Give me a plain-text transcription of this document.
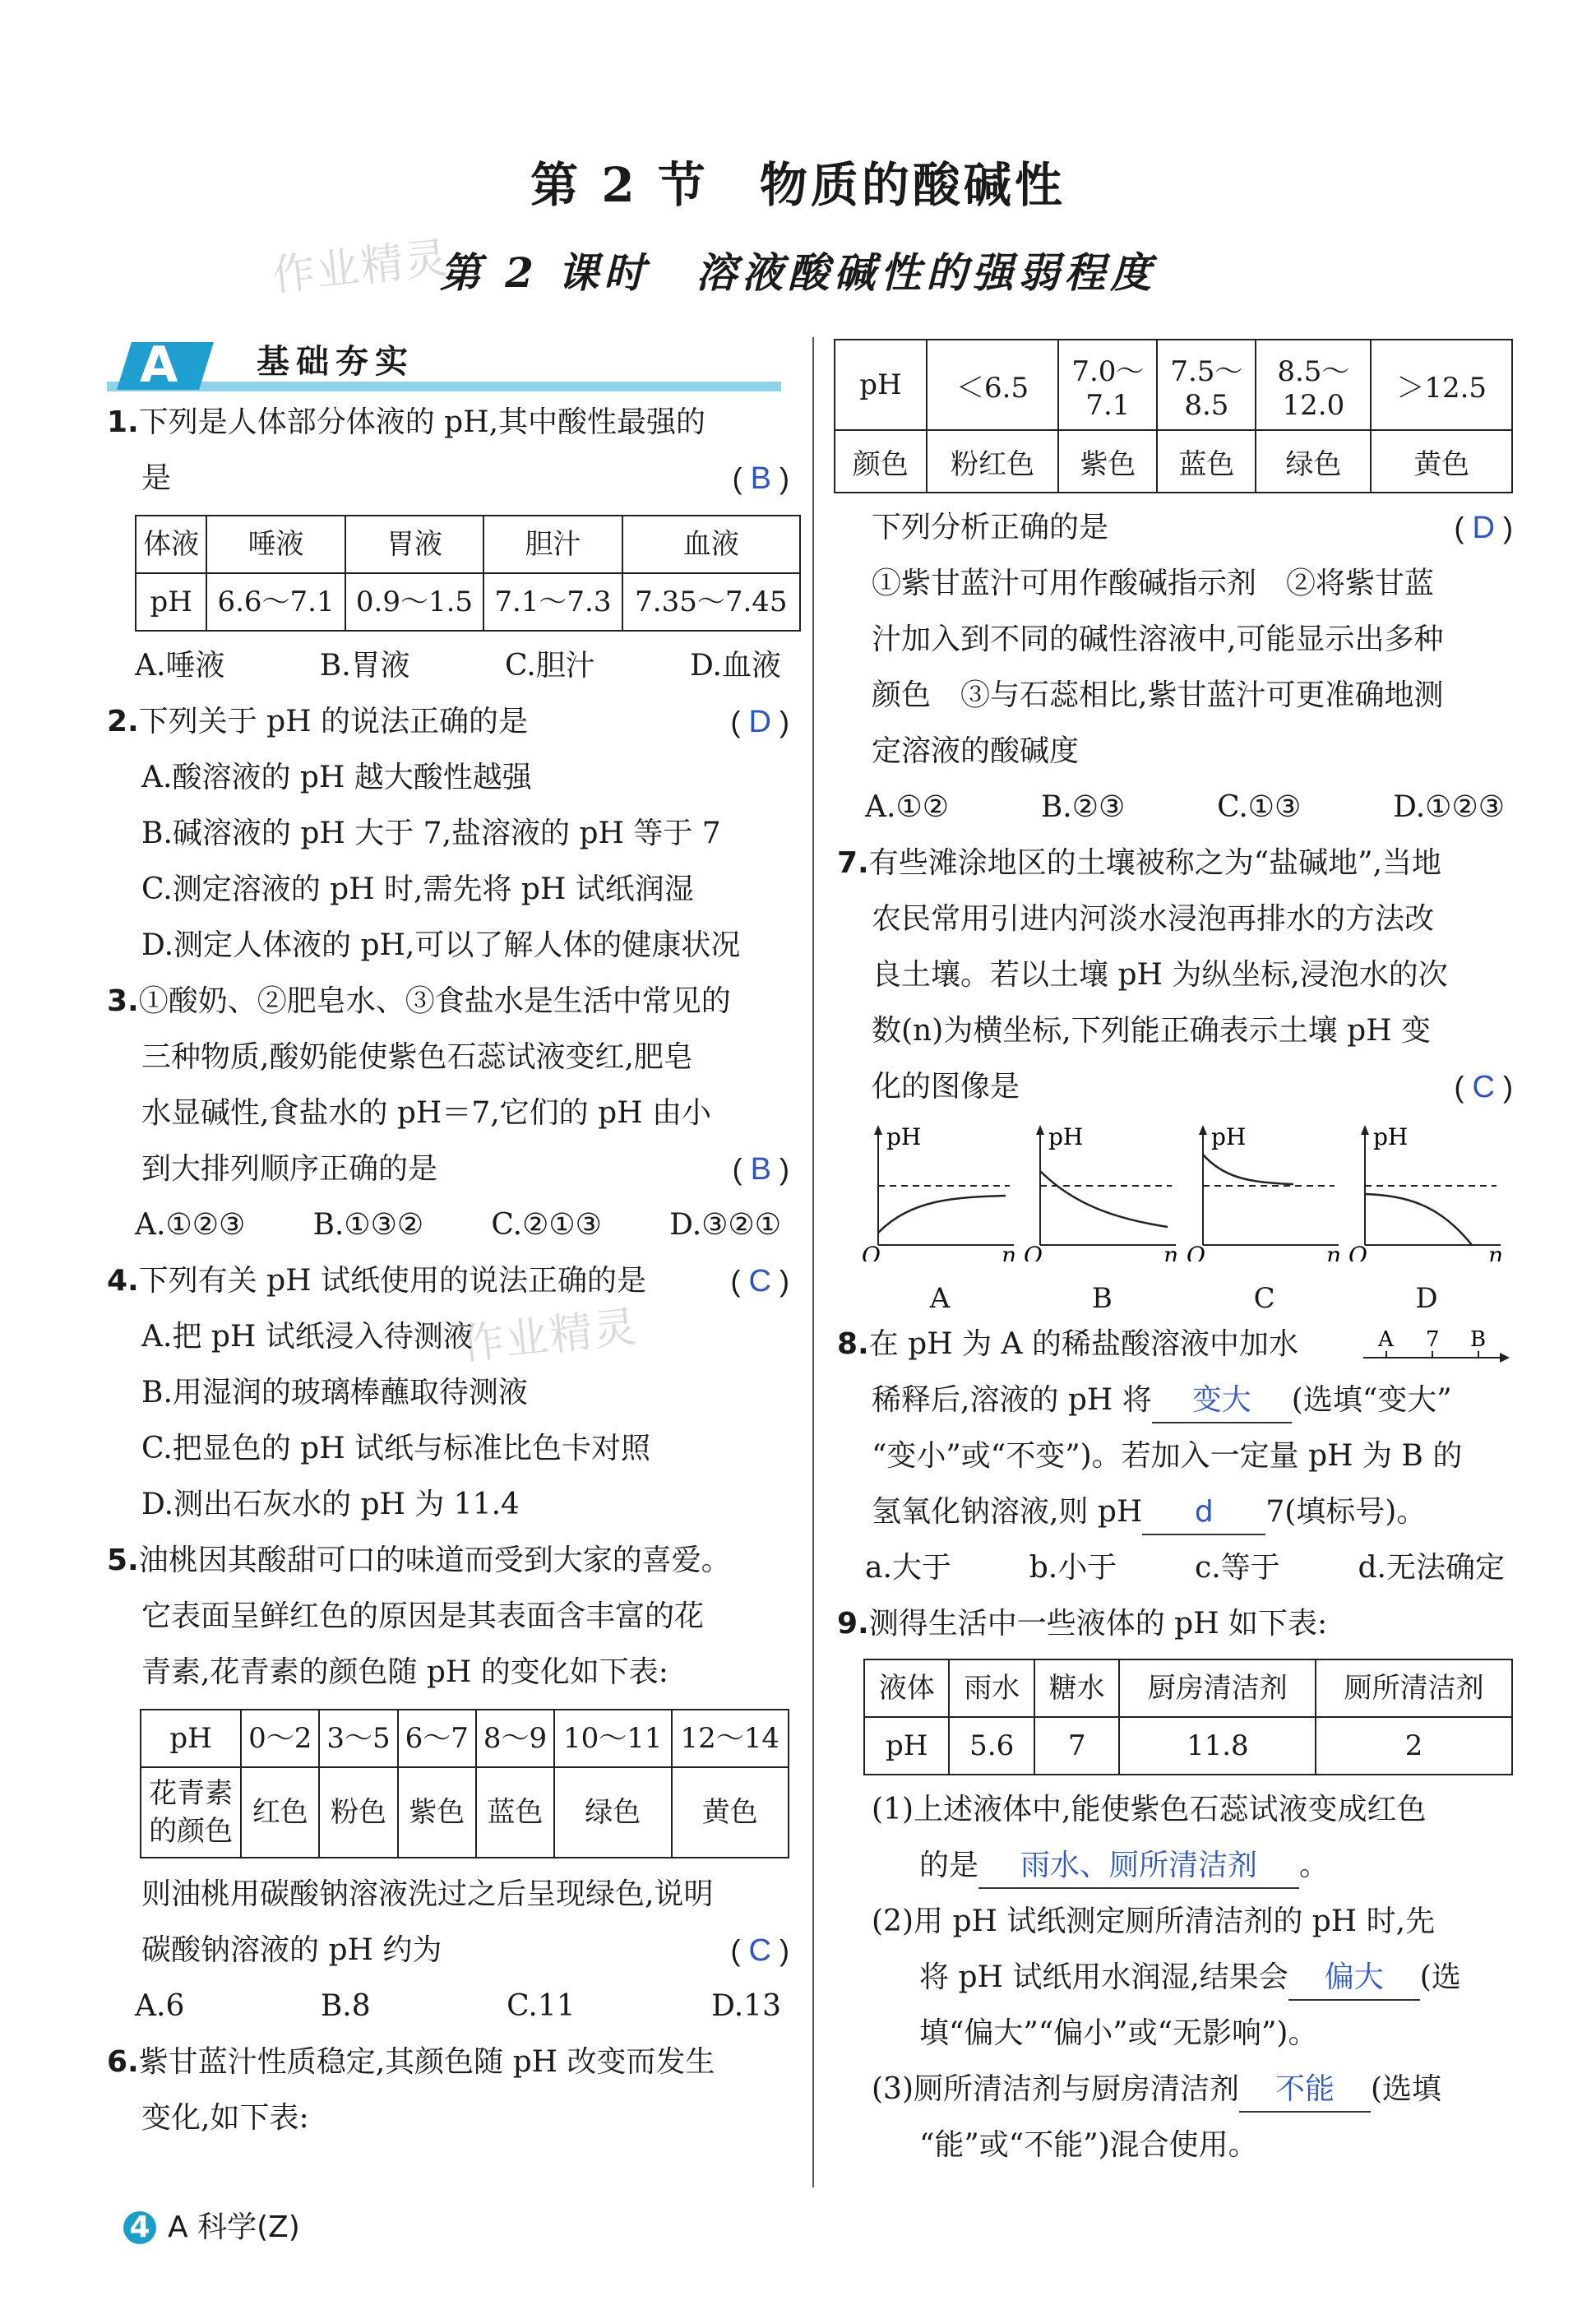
第 2 节　物质的酸碱性
作业精灵
作业精灵
第 2 课时　溶液酸碱性的强弱程度
A 基础夯实
1.下列是人体部分体液的 pH,其中酸性最强的
是	( B )
体液	唾液	胃液	胆汁	血液
pH	6.6～7.1	0.9～1.5	7.1～7.3	7.35～7.45
A.唾液	B.胃液	C.胆汁	D.血液
2.下列关于 pH 的说法正确的是	( D )
A.酸溶液的 pH 越大酸性越强
B.碱溶液的 pH 大于 7,盐溶液的 pH 等于 7
C.测定溶液的 pH 时,需先将 pH 试纸润湿
D.测定人体液的 pH,可以了解人体的健康状况
3.①酸奶、②肥皂水、③食盐水是生活中常见的
三种物质,酸奶能使紫色石蕊试液变红,肥皂
水显碱性,食盐水的 pH＝7,它们的 pH 由小
到大排列顺序正确的是	( B )
A.①②③ B.①③② C.②①③ D.③②①
4.下列有关 pH 试纸使用的说法正确的是	( C )
A.把 pH 试纸浸入待测液
B.用湿润的玻璃棒蘸取待测液
C.把显色的 pH 试纸与标准比色卡对照
D.测出石灰水的 pH 为 11.4
5.油桃因其酸甜可口的味道而受到大家的喜爱。
它表面呈鲜红色的原因是其表面含丰富的花
青素,花青素的颜色随 pH 的变化如下表:
pH	0～2	3～5	6～7	8～9	10～11	12～14
花青素
的颜色	红色	粉色	紫色	蓝色	绿色	黄色
则油桃用碳酸钠溶液洗过之后呈现绿色,说明
碳酸钠溶液的 pH 约为	( C )
A.6	B.8	C.11	D.13
6.紫甘蓝汁性质稳定,其颜色随 pH 改变而发生
变化,如下表:
pH	＜6.5	7.0～7.1	7.5～8.5	8.5～12.0	＞12.5
颜色	粉红色	紫色	蓝色	绿色	黄色
下列分析正确的是	( D )
①紫甘蓝汁可用作酸碱指示剂　②将紫甘蓝
汁加入到不同的碱性溶液中,可能显示出多种
颜色　③与石蕊相比,紫甘蓝汁可更准确地测
定溶液的酸碱度
A.①②	B.②③	C.①③	D.①②③
7.有些滩涂地区的土壤被称之为“盐碱地”,当地
农民常用引进内河淡水浸泡再排水的方法改
良土壤。若以土壤 pH 为纵坐标,浸泡水的次
数(n)为横坐标,下列能正确表示土壤 pH 变
化的图像是	( C )
pH
n
O
A
pH
n
O
B
pH
n
O
C
pH
n
O
D
8.在 pH 为 A 的稀盐酸溶液中加水	A 7 B
稀释后,溶液的 pH 将 变大 (选填“变大”
“变小”或“不变”)。若加入一定量 pH 为 B 的
氢氧化钠溶液,则 pH d 7(填标号)。
a.大于	b.小于	c.等于	d.无法确定
9.测得生活中一些液体的 pH 如下表:
液体	雨水	糖水	厨房清洁剂	厕所清洁剂
pH	5.6	7	11.8	2
(1)上述液体中,能使紫色石蕊试液变成红色
的是 雨水、厕所清洁剂 。
(2)用 pH 试纸测定厕所清洁剂的 pH 时,先
将 pH 试纸用水润湿,结果会 偏大 (选
填“偏大”“偏小”或“无影响”)。
(3)厕所清洁剂与厨房清洁剂 不能 (选填
“能”或“不能”)混合使用。
4 A 科学(Z)
